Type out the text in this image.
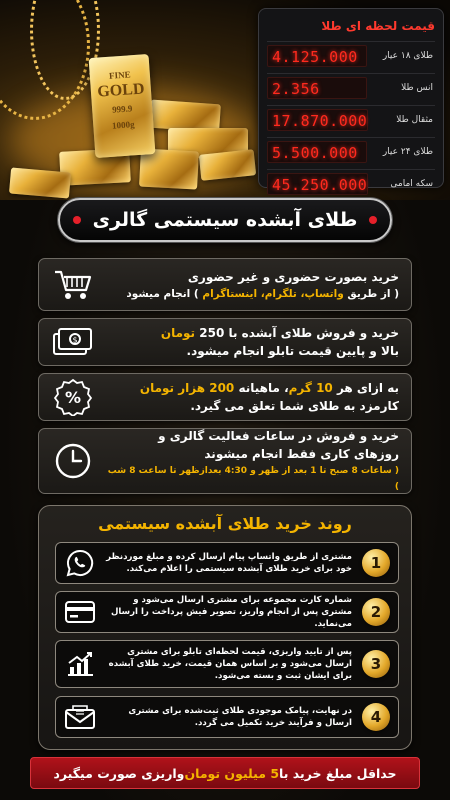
FINE
GOLD
999.9
1000g
قیمت لحظه ای طلا
4.125.000	طلای ۱۸ عیار
2.356	انس طلا
17.870.000	مثقال طلا
5.500.000	طلای ۲۴ عیار
45.250.000	سکه امامی
طلای آبشده سیستمی گالری
خرید بصورت حضوری و غیر حضوری
( از طریق واتساپ، تلگرام، اینستاگرام ) انجام میشود
$	خرید و فروش طلای آبشده با 250 تومان
بالا و پایین قیمت تابلو انجام میشود.
%	به ازای هر 10 گرم، ماهیانه 200 هزار تومان
کارمزد به طلای شما تعلق می گیرد.
خرید و فروش در ساعات فعالیت گالری و
روزهای کاری فقط انجام میشوند
( ساعات 8 صبح تا 1 بعد از ظهر و 4:30 بعدازظهر تا ساعت 8 شب )
روند خرید طلای آبشده سیستمی
مشتری از طریق واتساپ پیام ارسال کرده و مبلغ موردنظر خود برای خرید طلای آبشده سیستمی را اعلام می‌کند.	1
شماره کارت مجموعه برای مشتری ارسال می‌شود و مشتری پس از انجام واریز، تصویر فیش پرداخت را ارسال می‌نماید.
2
پس از تایید واریزی، قیمت لحظه‌ای تابلو برای مشتری ارسال می‌شود و بر اساس همان قیمت، خرید طلای آبشده برای ایشان ثبت و بسته می‌شود.
3
در نهایت، پیامک موجودی طلای ثبت‌شده برای مشتری ارسال و فرآیند خرید تکمیل می گردد.	4
حداقل مبلغ خرید با
5 میلیون تومان
واریزی صورت میگیرد
